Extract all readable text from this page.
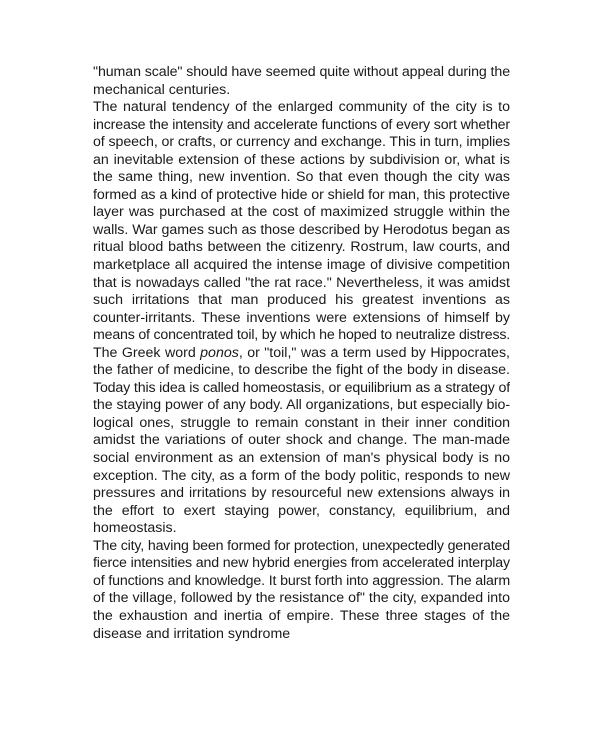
"human scale" should have seemed quite without appeal during the
mechanical centuries.
The natural tendency of the enlarged community of the city is to
increase the intensity and accelerate functions of every sort whether
of speech, or crafts, or currency and exchange. This in turn, implies
an inevitable extension of these actions by subdivision or, what is
the same thing, new invention. So that even though the city was
formed as a kind of protective hide or shield for man, this protective
layer was purchased at the cost of maximized struggle within the
walls. War games such as those described by Herodotus began as
ritual blood baths between the citizenry. Rostrum, law courts, and
marketplace all acquired the intense image of divisive competition
that is nowadays called "the rat race." Nevertheless, it was amidst
such irritations that man produced his greatest inventions as
counter-irritants. These inventions were extensions of himself by
means of concentrated toil, by which he hoped to neutralize distress.
The Greek word ponos, or "toil," was a term used by Hippocrates,
the father of medicine, to describe the fight of the body in disease.
Today this idea is called homeostasis, or equilibrium as a strategy of
the staying power of any body. All organizations, but especially bio-
logical ones, struggle to remain constant in their inner condition
amidst the variations of outer shock and change. The man-made
social environment as an extension of man's physical body is no
exception. The city, as a form of the body politic, responds to new
pressures and irritations by resourceful new extensions always in
the effort to exert staying power, constancy, equilibrium, and
homeostasis.
The city, having been formed for protection, unexpectedly generated
fierce intensities and new hybrid energies from accelerated interplay
of functions and knowledge. It burst forth into aggression. The alarm
of the village, followed by the resistance of" the city, expanded into
the exhaustion and inertia of empire. These three stages of the
disease and irritation syndrome
